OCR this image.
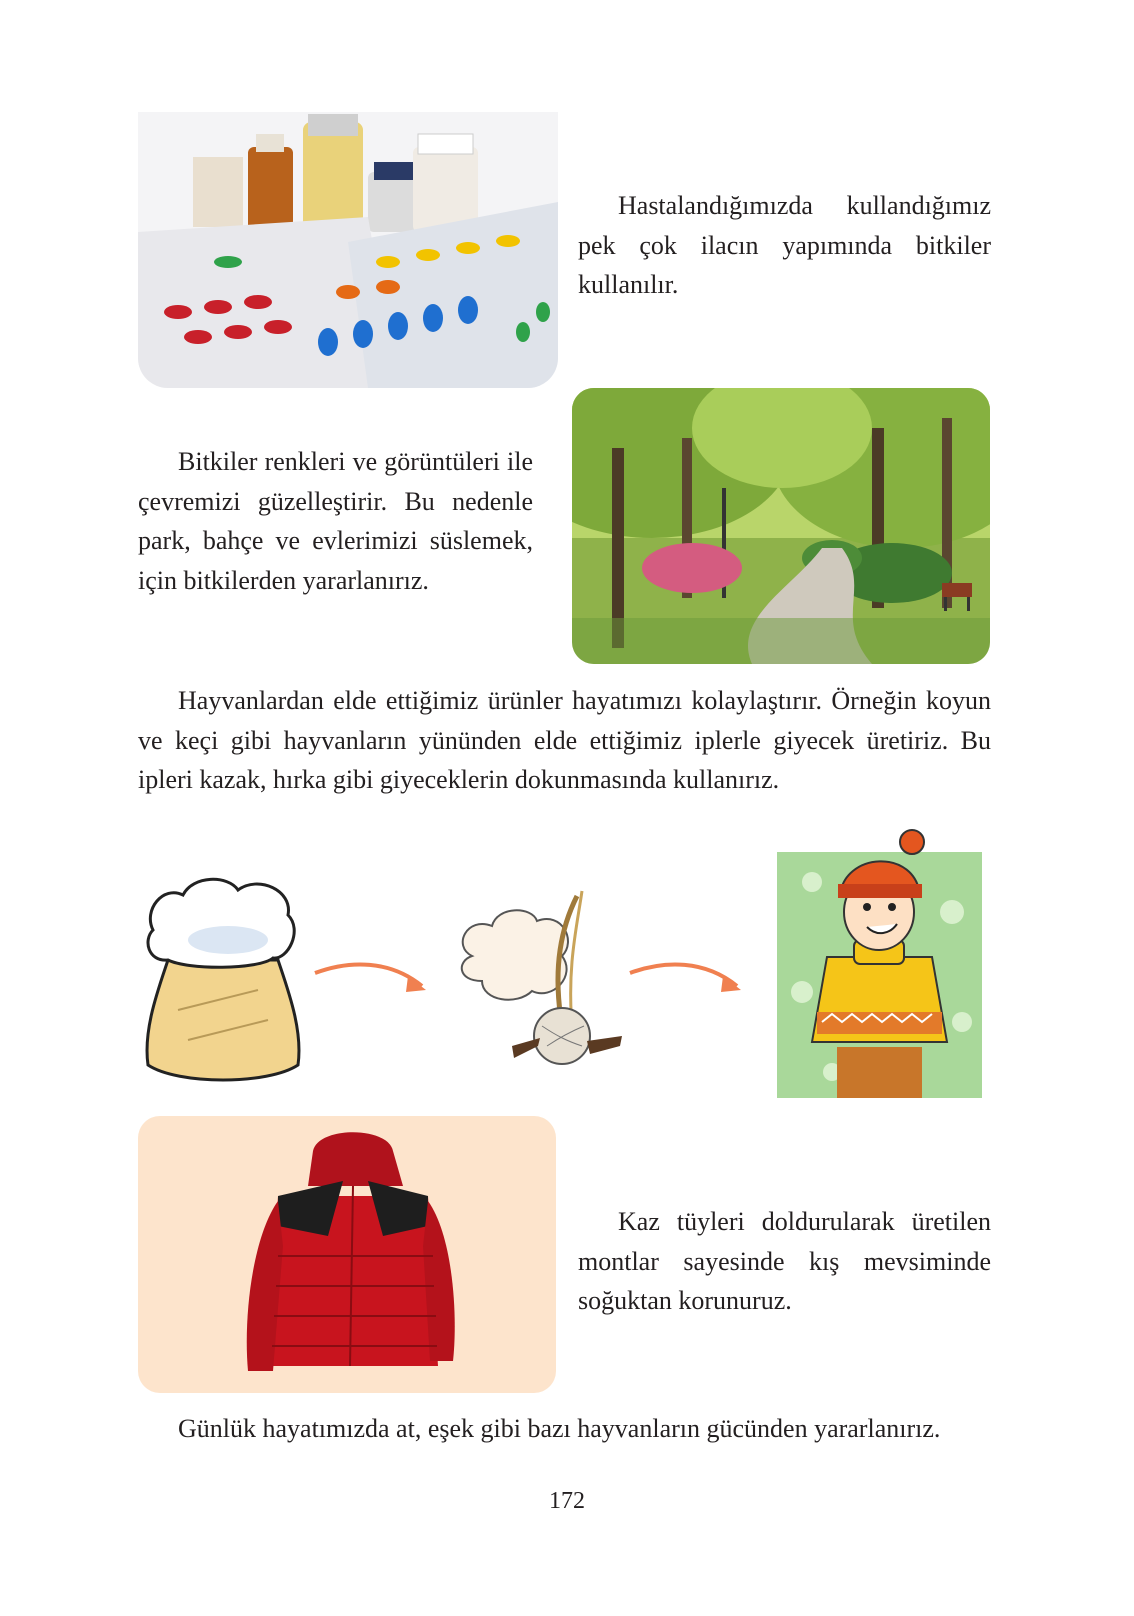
Hastalandığımızda kullandığımız pek çok ilacın yapımında bitkiler kullanılır.

Bitkiler renkleri ve görüntüleri ile çevremizi güzelleştirir. Bu nedenle park, bahçe ve evlerimizi süslemek, için bitkilerden yararlanırız.

Hayvanlardan elde ettiğimiz ürünler hayatımızı kolaylaştırır. Örneğin koyun ve keçi gibi hayvanların yününden elde ettiğimiz iplerle giyecek üretiriz. Bu ipleri kazak, hırka gibi giyeceklerin dokunmasında kullanırız.

Kaz tüyleri doldurularak üretilen montlar sayesinde kış mevsiminde soğuktan korunuruz.

Günlük hayatımızda at, eşek gibi bazı hayvanların gücünden yararlanırız.

172
